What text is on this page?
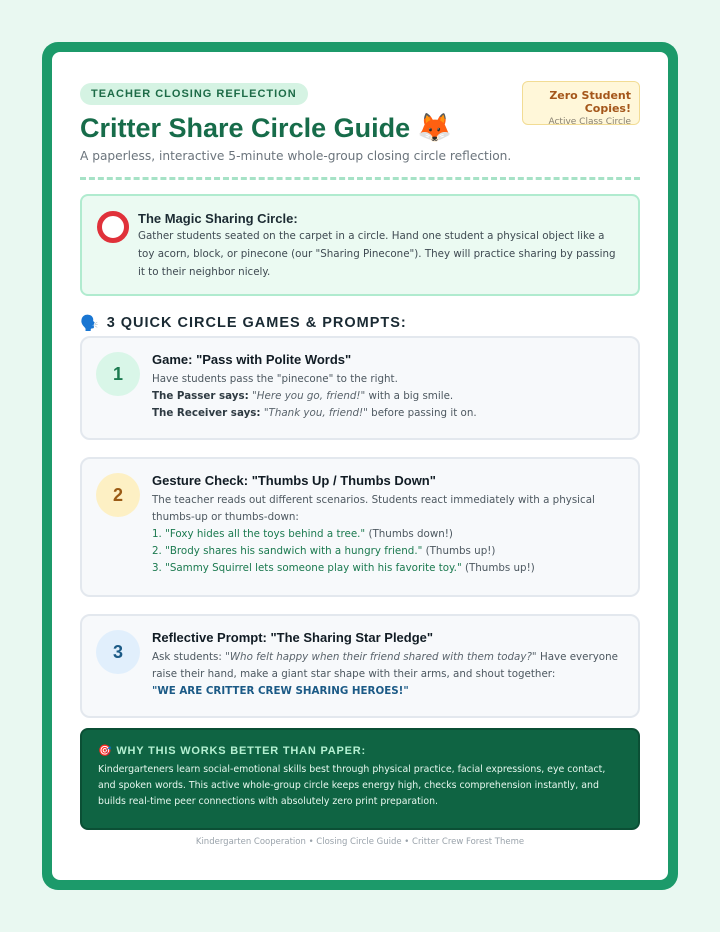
TEACHER CLOSING REFLECTION	Zero Student Copies!
Active Class Circle
Critter Share Circle Guide 🦊

A paperless, interactive 5-minute whole-group closing circle reflection.

The Magic Sharing Circle:
Gather students seated on the carpet in a circle. Hand one student a physical object like a toy acorn, block, or pinecone (our "Sharing Pinecone"). They will practice sharing by passing it to their neighbor nicely.
🗣️ 3 QUICK CIRCLE GAMES & PROMPTS:
1
Game: "Pass with Polite Words"
Have students pass the "pinecone" to the right.
The Passer says: "Here you go, friend!" with a big smile.
The Receiver says: "Thank you, friend!" before passing it on.
2
Gesture Check: "Thumbs Up / Thumbs Down"
The teacher reads out different scenarios. Students react immediately with a physical thumbs-up or thumbs-down:
1. "Foxy hides all the toys behind a tree." (Thumbs down!)
2. "Brody shares his sandwich with a hungry friend." (Thumbs up!)
3. "Sammy Squirrel lets someone play with his favorite toy." (Thumbs up!)
3
Reflective Prompt: "The Sharing Star Pledge"
Ask students: "Who felt happy when their friend shared with them today?" Have everyone raise their hand, make a giant star shape with their arms, and shout together:
"WE ARE CRITTER CREW SHARING HEROES!"
🎯 WHY THIS WORKS BETTER THAN PAPER:
Kindergarteners learn social-emotional skills best through physical practice, facial expressions, eye contact, and spoken words. This active whole-group circle keeps energy high, checks comprehension instantly, and builds real-time peer connections with absolutely zero print preparation.
Kindergarten Cooperation • Closing Circle Guide • Critter Crew Forest Theme
